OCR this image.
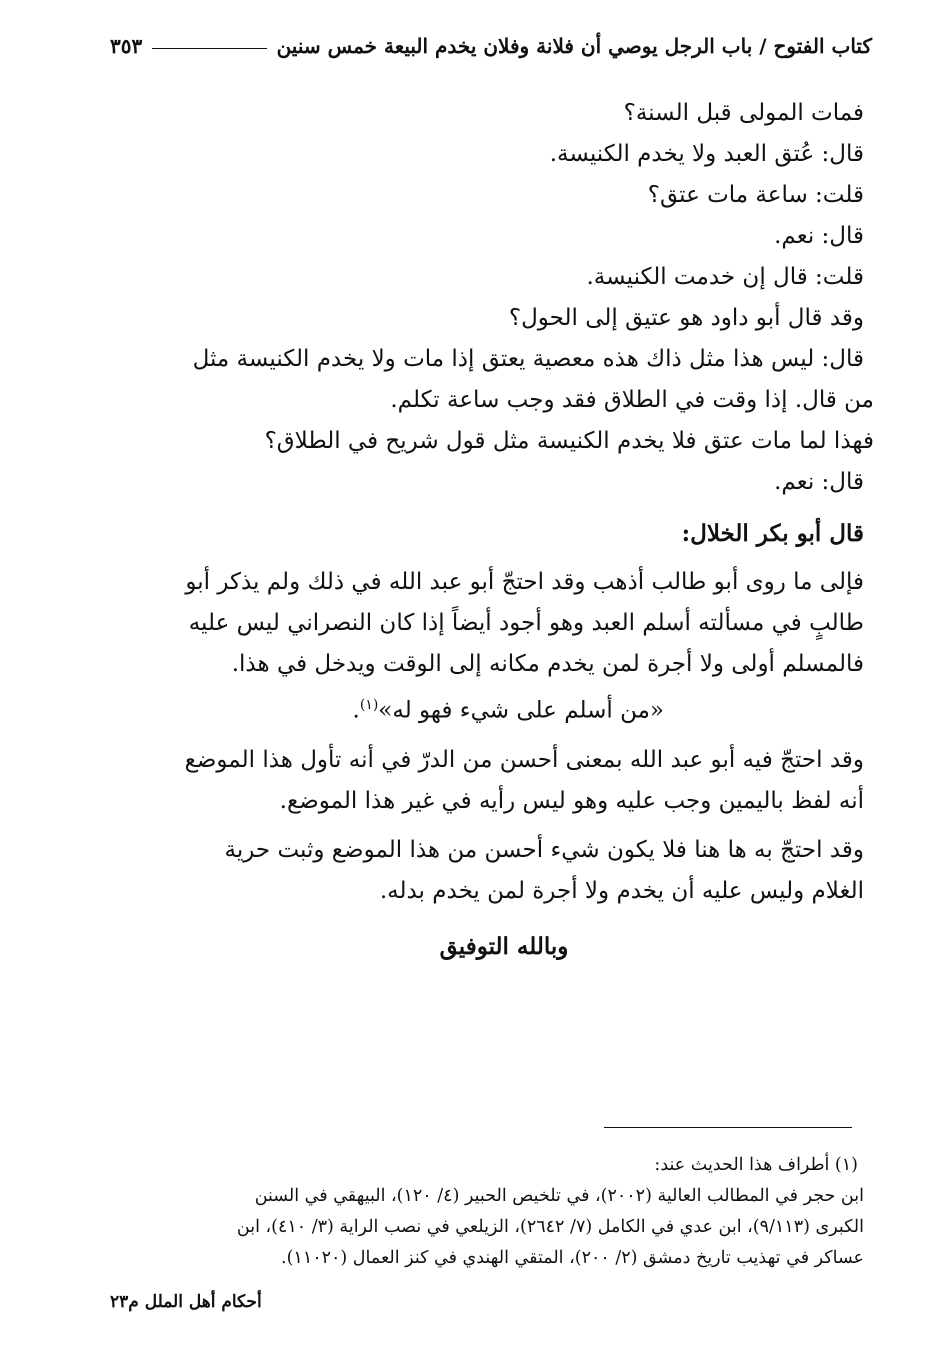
كتاب الفتوح / باب الرجل يوصي أن فلانة وفلان يخدم البيعة خمس سنين
٣٥٣

فمات المولى قبل السنة؟

قال: عُتق العبد ولا يخدم الكنيسة.

قلت: ساعة مات عتق؟

قال: نعم.

قلت: قال إن خدمت الكنيسة.

وقد قال أبو داود هو عتيق إلى الحول؟

قال: ليس هذا مثل ذاك هذه معصية يعتق إذا مات ولا يخدم الكنيسة مثل

من قال. إذا وقت في الطلاق فقد وجب ساعة تكلم.

فهذا لما مات عتق فلا يخدم الكنيسة مثل قول شريح في الطلاق؟

قال: نعم.

قال أبو بكر الخلال:

فإلى ما روى أبو طالب أذهب وقد احتجّ أبو عبد الله في ذلك ولم يذكر أبو

طالبٍ في مسألته أسلم العبد وهو أجود أيضاً إذا كان النصراني ليس عليه

فالمسلم أولى ولا أجرة لمن يخدم مكانه إلى الوقت ويدخل في هذا.

«من أسلم على شيء فهو له»$^{(١)}$.

وقد احتجّ فيه أبو عبد الله بمعنى أحسن من الدرّ في أنه تأول هذا الموضع

أنه لفظ باليمين وجب عليه وهو ليس رأيه في غير هذا الموضع.

وقد احتجّ به ها هنا فلا يكون شيء أحسن من هذا الموضع وثبت حرية

الغلام وليس عليه أن يخدم ولا أجرة لمن يخدم بدله.

وبالله التوفيق

(١) أطراف هذا الحديث عند:

ابن حجر في المطالب العالية (٢٠٠٢)، في تلخيص الحبير (٤/ ١٢٠)، البيهقي في السنن

الكبرى (٩/١١٣)، ابن عدي في الكامل (٧/ ٢٦٤٢)، الزيلعي في نصب الراية (٣/ ٤١٠)، ابن

عساكر في تهذيب تاريخ دمشق (٢/ ٢٠٠)، المتقي الهندي في كنز العمال (١١٠٢٠).

أحكام أهل الملل م٢٣
